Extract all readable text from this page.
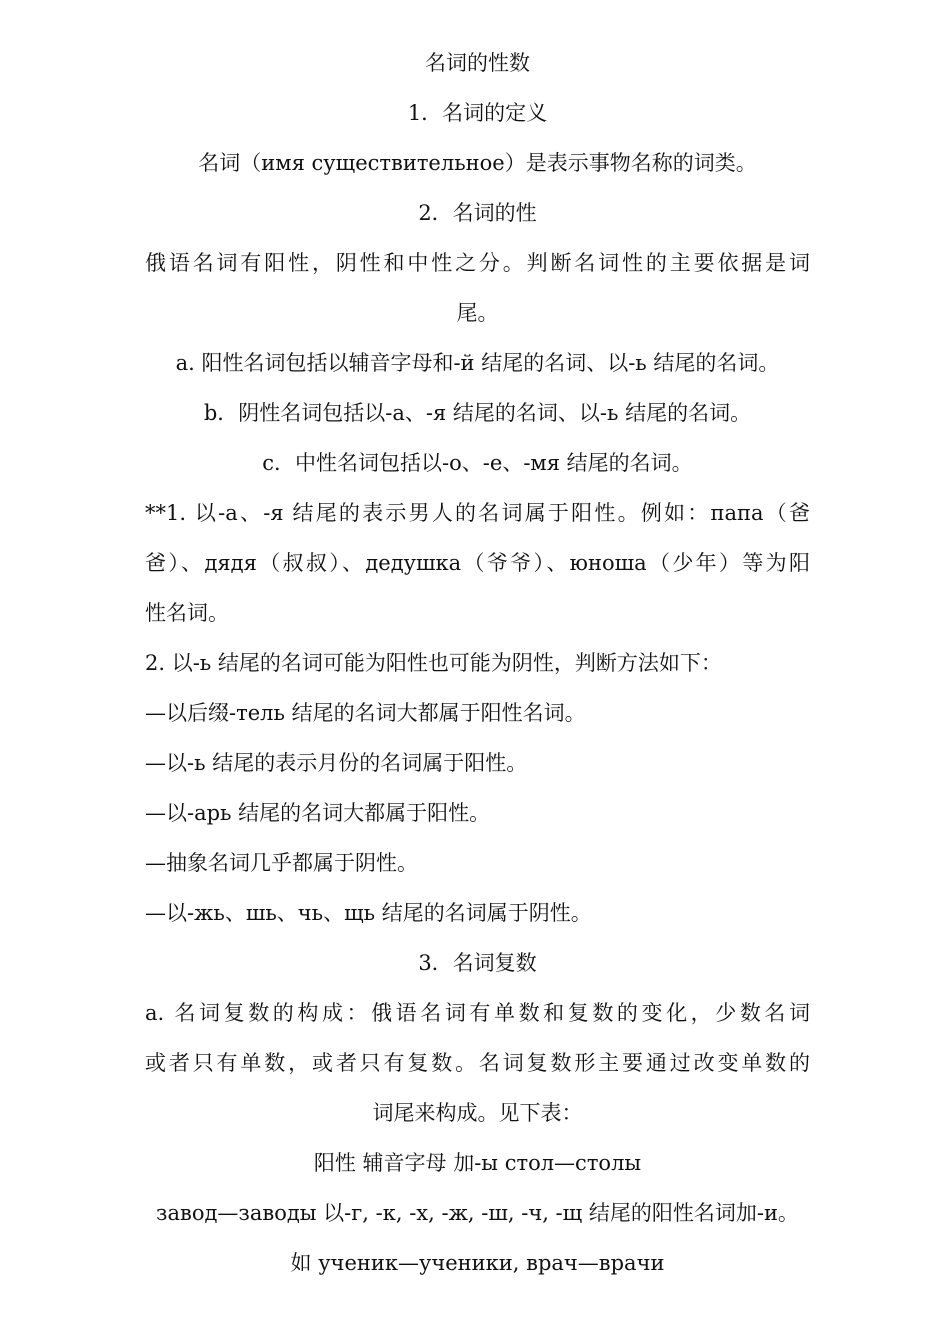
名词的性数
1．名词的定义
名词（имя существительное）是表示事物名称的词类。
2．名词的性
俄语名词有阳性，阴性和中性之分。判断名词性的主要依据是词
尾。
a. 阳性名词包括以辅音字母和-й 结尾的名词、以-ь 结尾的名词。
b．阴性名词包括以-а、-я 结尾的名词、以-ь 结尾的名词。
c．中性名词包括以-о、-е、-мя 结尾的名词。
**1. 以-а、-я 结尾的表示男人的名词属于阳性。例如：папа（爸
爸）、дядя（叔叔）、дедушка（爷爷）、юноша（少年）等为阳
性名词。
2. 以-ь 结尾的名词可能为阳性也可能为阴性，判断方法如下：
—以后缀-тель 结尾的名词大都属于阳性名词。
—以-ь 结尾的表示月份的名词属于阳性。
—以-арь 结尾的名词大都属于阳性。
—抽象名词几乎都属于阴性。
—以-жь、шь、чь、щь 结尾的名词属于阴性。
3．名词复数
a. 名词复数的构成：俄语名词有单数和复数的变化，少数名词
或者只有单数，或者只有复数。名词复数形主要通过改变单数的
词尾来构成。见下表：
阳性 辅音字母 加-ы стол—столы
завод—заводы 以-г, -к, -х, -ж, -ш, -ч, -щ 结尾的阳性名词加-и。
如 ученик—ученики, врач—врачи
